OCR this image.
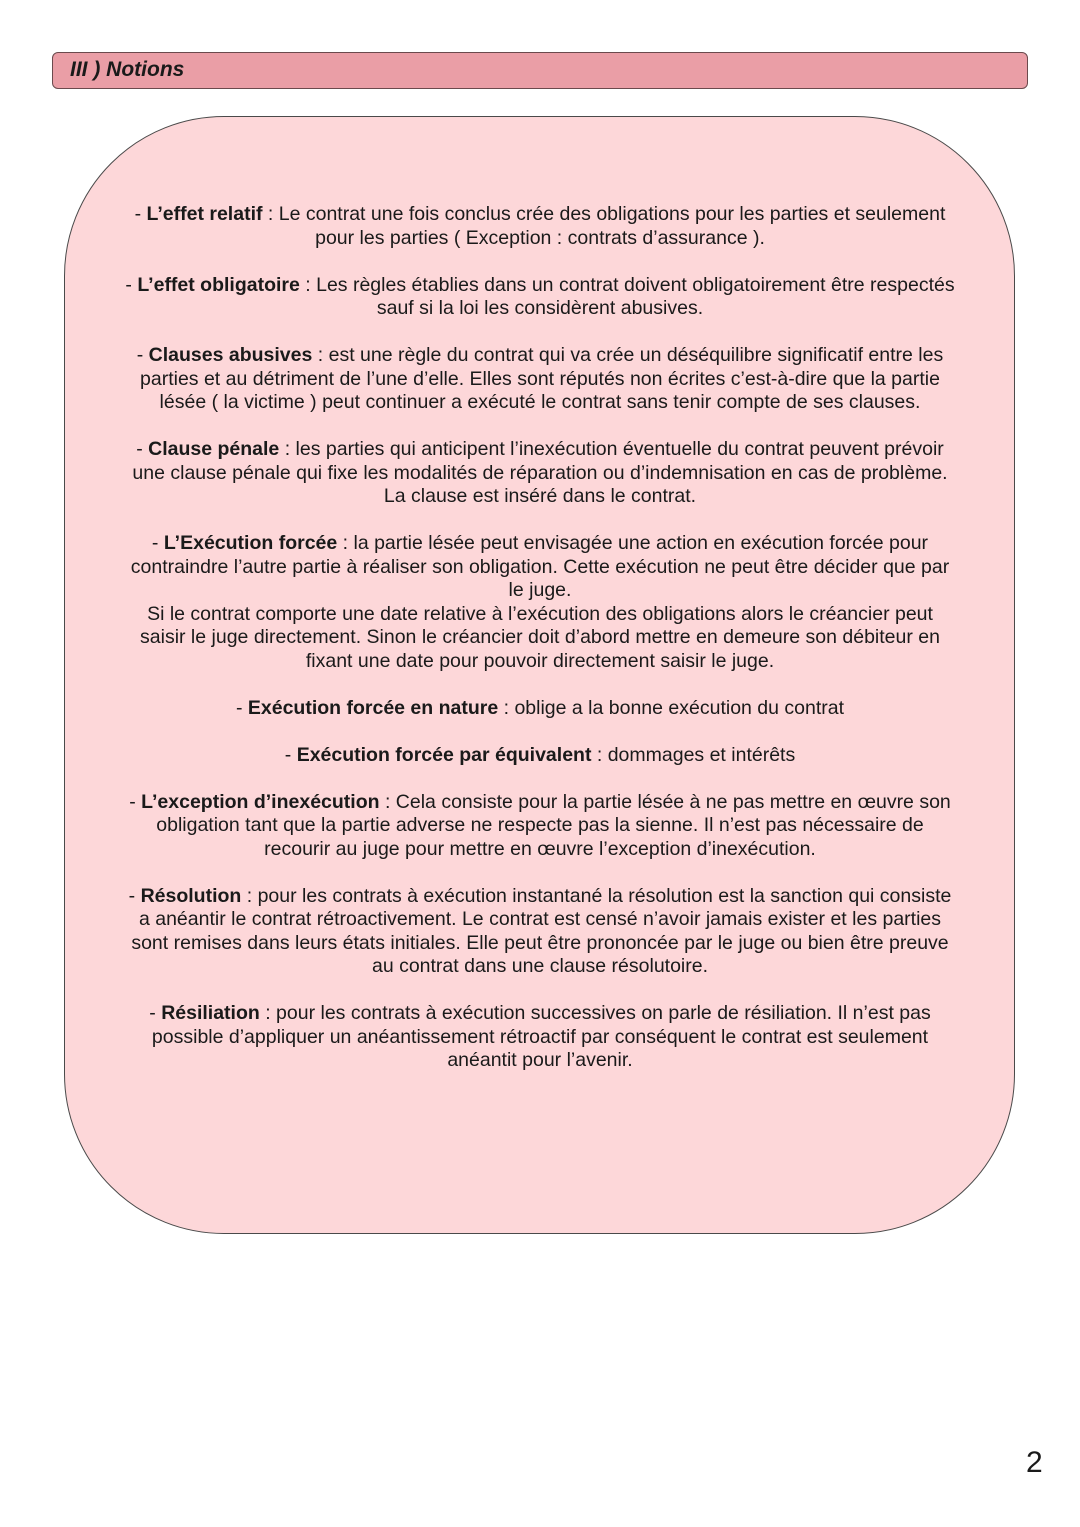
III ) Notions

- L’effet relatif : Le contrat une fois conclus crée des obligations pour les parties et seulement pour les parties ( Exception : contrats d’assurance ).

- L’effet obligatoire : Les règles établies dans un contrat doivent obligatoirement être respectés sauf si la loi les considèrent abusives.

- Clauses abusives : est une règle du contrat qui va crée un déséquilibre significatif entre les parties et au détriment de l’une d’elle. Elles sont réputés non écrites c’est-à-dire que la partie lésée ( la victime ) peut continuer a exécuté le contrat sans tenir compte de ses clauses.

- Clause pénale : les parties qui anticipent l’inexécution éventuelle du contrat peuvent prévoir une clause pénale qui fixe les modalités de réparation ou d’indemnisation en cas de problème. La clause est inséré dans le contrat.

- L’Exécution forcée : la partie lésée peut envisagée une action en exécution forcée pour contraindre l’autre partie à réaliser son obligation. Cette exécution ne peut être décider que par le juge.
Si le contrat comporte une date relative à l’exécution des obligations alors le créancier peut saisir le juge directement. Sinon le créancier doit d’abord mettre en demeure son débiteur en fixant une date pour pouvoir directement saisir le juge.

- Exécution forcée en nature : oblige a la bonne exécution du contrat

- Exécution forcée par équivalent : dommages et intérêts

- L’exception d’inexécution : Cela consiste pour la partie lésée à ne pas mettre en œuvre son obligation tant que la partie adverse ne respecte pas la sienne. Il n’est pas nécessaire de recourir au juge pour mettre en œuvre l’exception d’inexécution.

- Résolution : pour les contrats à exécution instantané la résolution est la sanction qui consiste a anéantir le contrat rétroactivement. Le contrat est censé n’avoir jamais exister et les parties sont remises dans leurs états initiales. Elle peut être prononcée par le juge ou bien être preuve au contrat dans une clause résolutoire.

- Résiliation : pour les contrats à exécution successives on parle de résiliation. Il n’est pas possible d’appliquer un anéantissement rétroactif par conséquent le contrat est seulement anéantit pour l’avenir.

2
